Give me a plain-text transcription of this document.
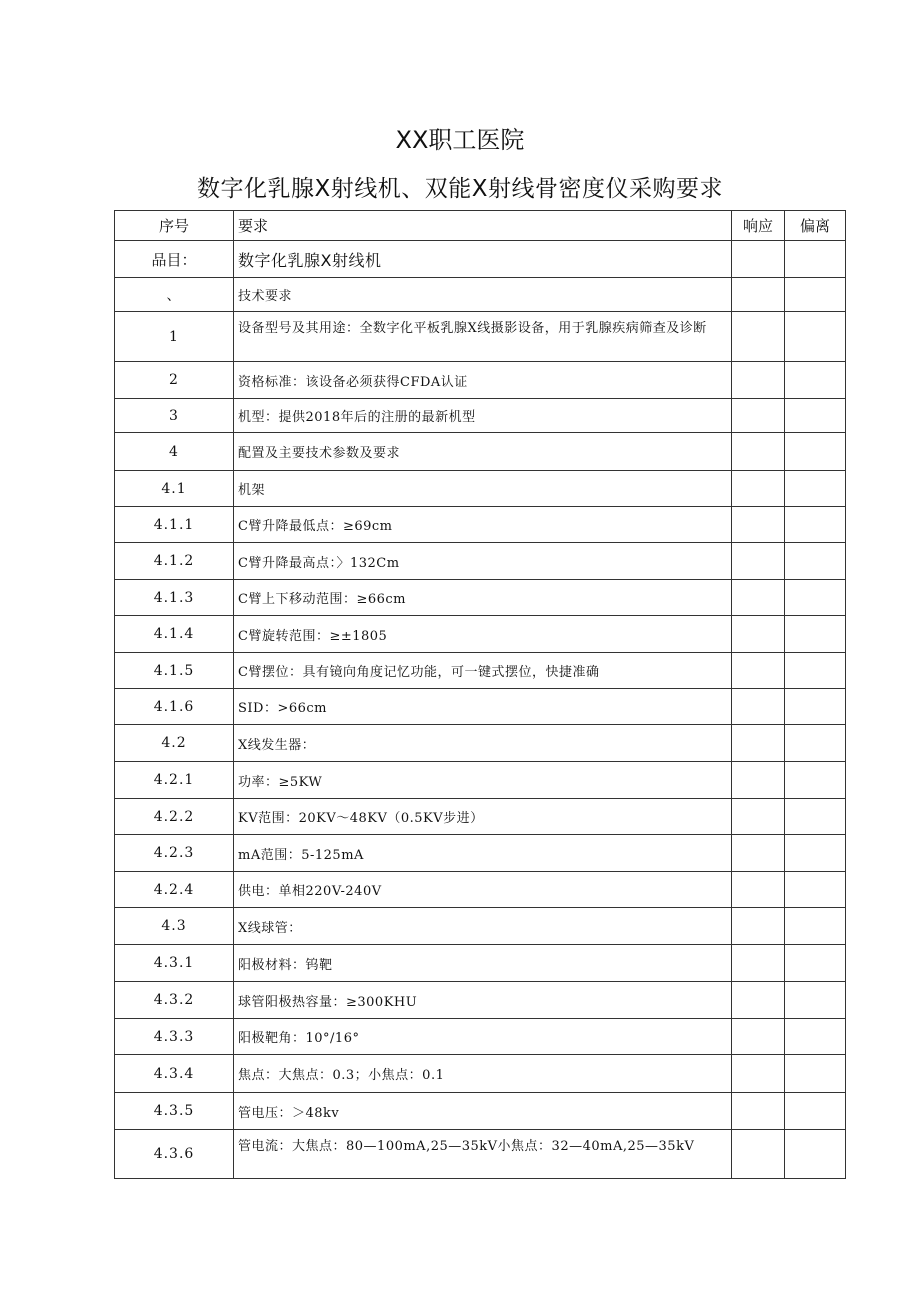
XX职工医院
数字化乳腺X射线机、双能X射线骨密度仪采购要求
序号	要求	响应	偏离
品目：	数字化乳腺X射线机		
、	技术要求		
1	设备型号及其用途：全数字化平板乳腺X线摄影设备，用于乳腺疾病筛查及诊断		
2	资格标准：该设备必须获得CFDA认证		
3	机型：提供2018年后的注册的最新机型		
4	配置及主要技术参数及要求		
4.1	机架		
4.1.1	C臂升降最低点：≥69cm		
4.1.2	C臂升降最高点：〉132Cm		
4.1.3	C臂上下移动范围：≥66cm		
4.1.4	C臂旋转范围：≥±1805		
4.1.5	C臂摆位：具有镜向角度记忆功能，可一键式摆位，快捷准确		
4.1.6	SID：>66cm		
4.2	X线发生器：		
4.2.1	功率：≥5KW		
4.2.2	KV范围：20KV～48KV（0.5KV步进）		
4.2.3	mA范围：5-125mA		
4.2.4	供电：单相220V-240V		
4.3	X线球管：		
4.3.1	阳极材料：钨靶		
4.3.2	球管阳极热容量：≥300KHU		
4.3.3	阳极靶角：10°/16°		
4.3.4	焦点：大焦点：0.3；小焦点：0.1		
4.3.5	管电压：＞48kv		
4.3.6	管电流：大焦点：80—100mA,25—35kV小焦点：32—40mA,25—35kV		
